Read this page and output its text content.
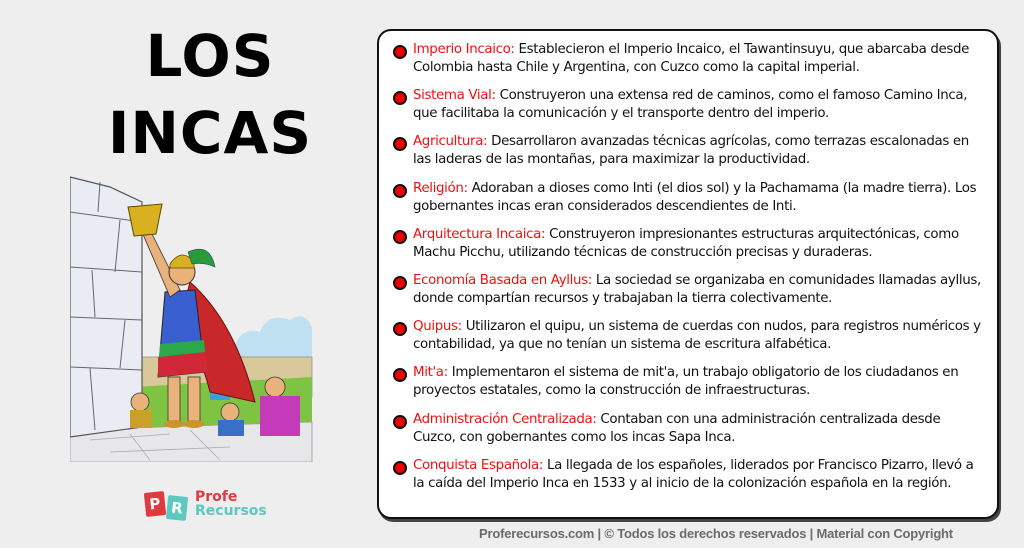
LOS
INCAS
P R
Profe
Recursos
Imperio Incaico: Establecieron el Imperio Incaico, el Tawantinsuyu, que abarcaba desde Colombia hasta Chile y Argentina, con Cuzco como la capital imperial.
Sistema Vial: Construyeron una extensa red de caminos, como el famoso Camino Inca, que facilitaba la comunicación y el transporte dentro del imperio.
Agricultura: Desarrollaron avanzadas técnicas agrícolas, como terrazas escalonadas en las laderas de las montañas, para maximizar la productividad.
Religión: Adoraban a dioses como Inti (el dios sol) y la Pachamama (la madre tierra). Los gobernantes incas eran considerados descendientes de Inti.
Arquitectura Incaica: Construyeron impresionantes estructuras arquitectónicas, como Machu Picchu, utilizando técnicas de construcción precisas y duraderas.
Economía Basada en Ayllus: La sociedad se organizaba en comunidades llamadas ayllus, donde compartían recursos y trabajaban la tierra colectivamente.
Quipus: Utilizaron el quipu, un sistema de cuerdas con nudos, para registros numéricos y contabilidad, ya que no tenían un sistema de escritura alfabética.
Mit'a: Implementaron el sistema de mit'a, un trabajo obligatorio de los ciudadanos en proyectos estatales, como la construcción de infraestructuras.
Administración Centralizada: Contaban con una administración centralizada desde Cuzco, con gobernantes como los incas Sapa Inca.
Conquista Española: La llegada de los españoles, liderados por Francisco Pizarro, llevó a la caída del Imperio Inca en 1533 y al inicio de la colonización española en la región.
Proferecursos.com | © Todos los derechos reservados | Material con Copyright
